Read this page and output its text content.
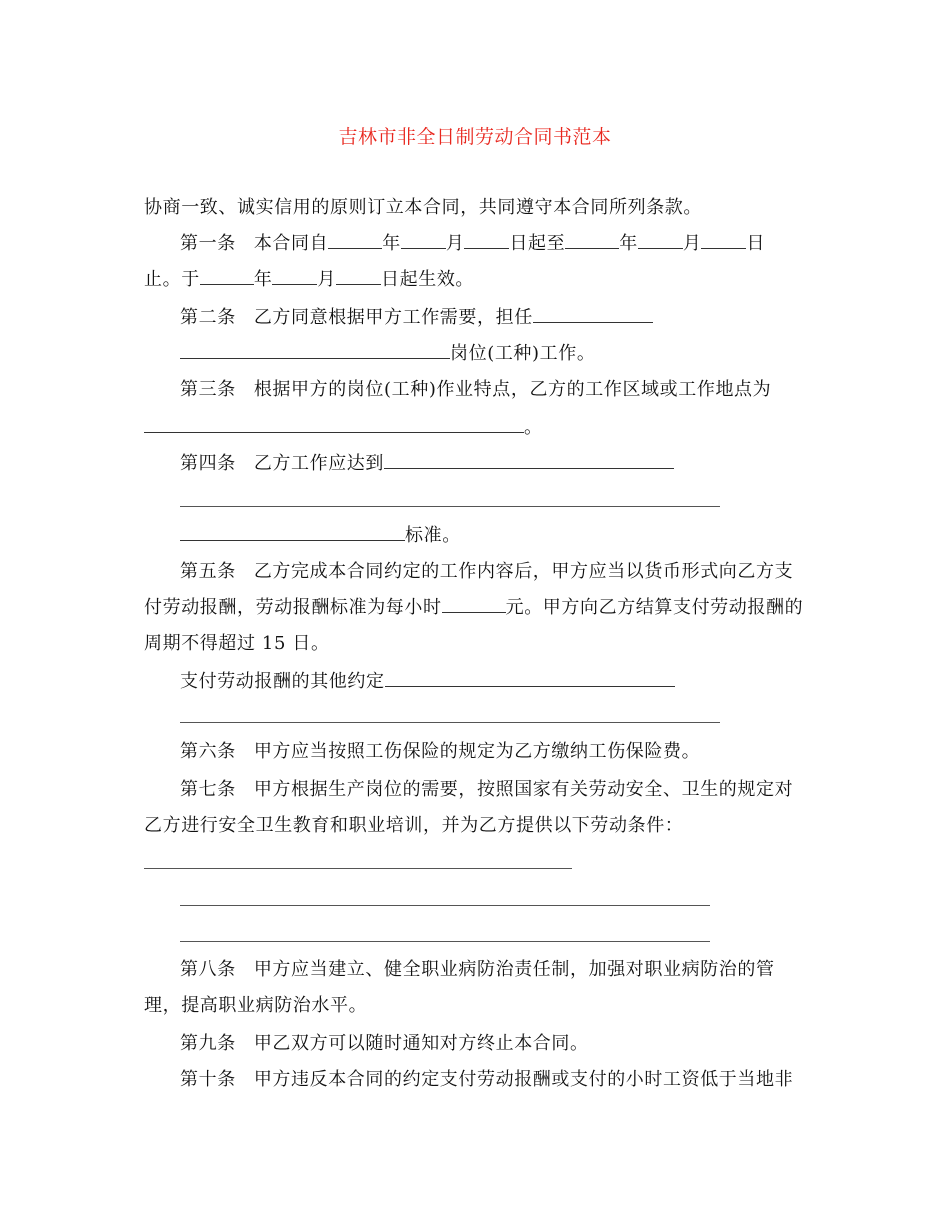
吉林市非全日制劳动合同书范本
协商一致、诚实信用的原则订立本合同，共同遵守本合同所列条款。
第一条 本合同自	年	月	日起至	年	月	日
止。于	年	月	日起生效。
第二条 乙方同意根据甲方工作需要，担任
岗位(工种)工作。
第三条 根据甲方的岗位(工种)作业特点，乙方的工作区域或工作地点为
。
第四条 乙方工作应达到
标准。
第五条 乙方完成本合同约定的工作内容后，甲方应当以货币形式向乙方支
付劳动报酬，劳动报酬标准为每小时	元。甲方向乙方结算支付劳动报酬的
周期不得超过 15 日。
支付劳动报酬的其他约定
第六条 甲方应当按照工伤保险的规定为乙方缴纳工伤保险费。
第七条 甲方根据生产岗位的需要，按照国家有关劳动安全、卫生的规定对
乙方进行安全卫生教育和职业培训，并为乙方提供以下劳动条件：
第八条 甲方应当建立、健全职业病防治责任制，加强对职业病防治的管
理，提高职业病防治水平。
第九条 甲乙双方可以随时通知对方终止本合同。
第十条 甲方违反本合同的约定支付劳动报酬或支付的小时工资低于当地非
